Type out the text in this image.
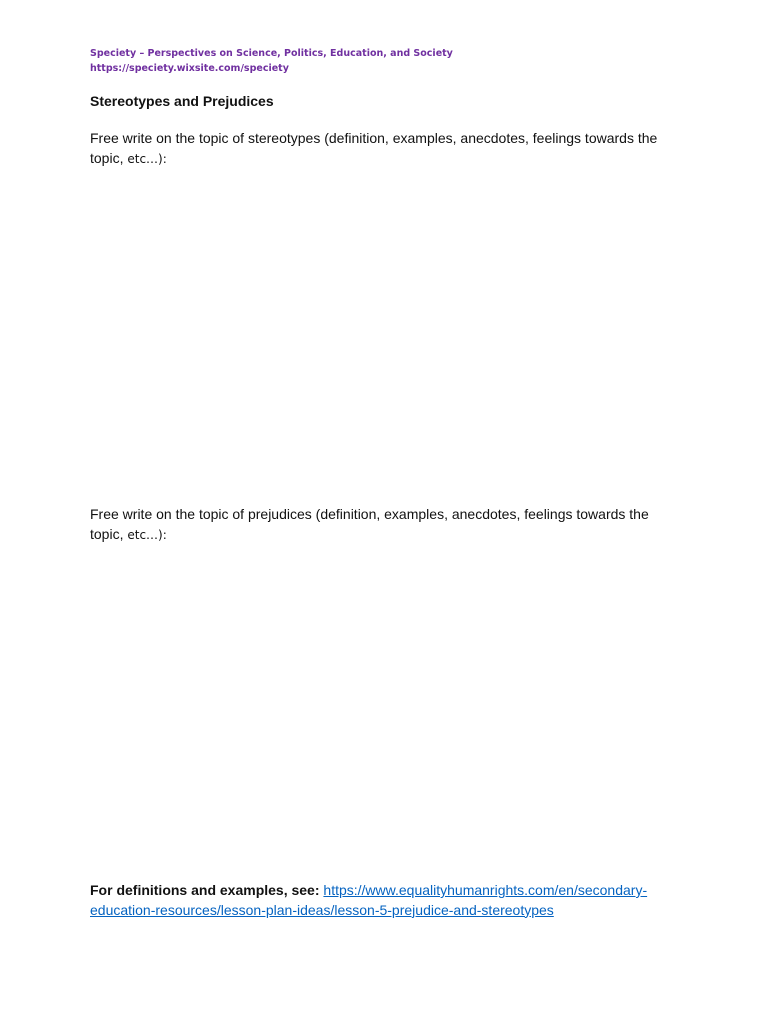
Speciety – Perspectives on Science, Politics, Education, and Society
https://speciety.wixsite.com/speciety
Stereotypes and Prejudices

Free write on the topic of stereotypes (definition, examples, anecdotes, feelings towards the topic, etc…):

Free write on the topic of prejudices (definition, examples, anecdotes, feelings towards the topic, etc…):

For definitions and examples, see: https://www.equalityhumanrights.com/en/secondary-education-resources/lesson-plan-ideas/lesson-5-prejudice-and-stereotypes
